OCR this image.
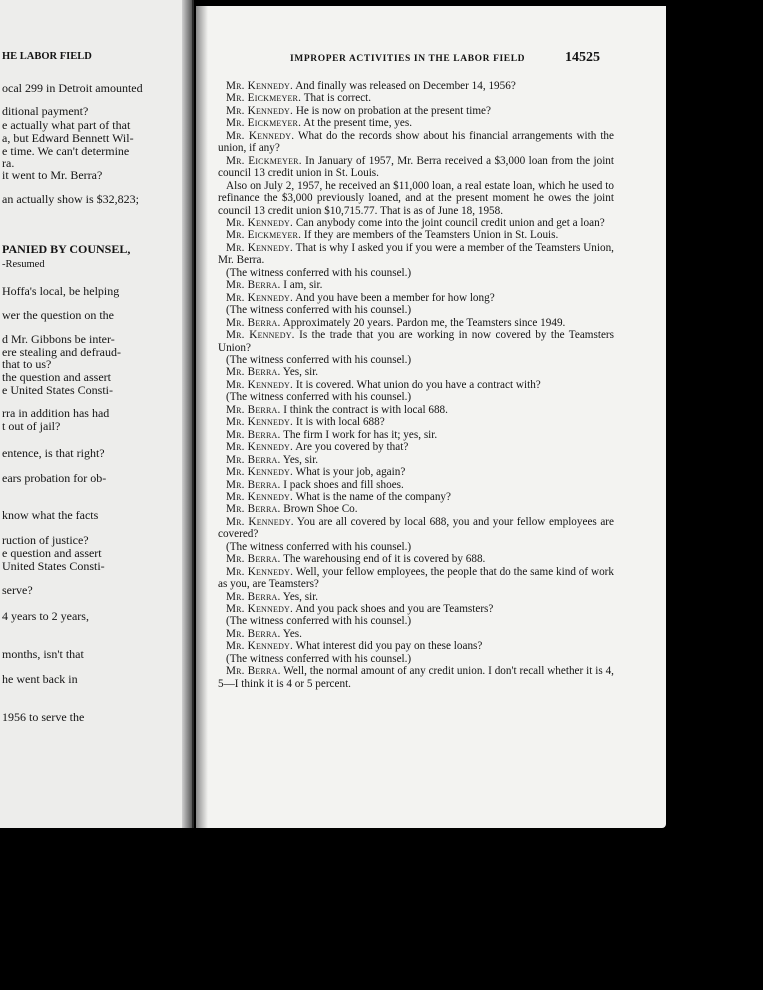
HE LABOR FIELD
ocal 299 in Detroit amounted
ditional payment?
e actually what part of that
a, but Edward Bennett Wil-
e time. We can't determine
ra.
it went to Mr. Berra?
an actually show is $32,823;
PANIED BY COUNSEL,
-Resumed
Hoffa's local, be helping
wer the question on the
d Mr. Gibbons be inter-
ere stealing and defraud-
that to us?
the question and assert
e United States Consti-
rra in addition has had
t out of jail?
entence, is that right?
ears probation for ob-
know what the facts
ruction of justice?
e question and assert
United States Consti-
serve?
4 years to 2 years,
months, isn't that
he went back in
1956 to serve the
IMPROPER ACTIVITIES IN THE LABOR FIELD	14525

Mr. Kennedy. And finally was released on December 14, 1956?

Mr. Eickmeyer. That is correct.

Mr. Kennedy. He is now on probation at the present time?

Mr. Eickmeyer. At the present time, yes.

Mr. Kennedy. What do the records show about his financial arrangements with the union, if any?

Mr. Eickmeyer. In January of 1957, Mr. Berra received a $3,000 loan from the joint council 13 credit union in St. Louis.

Also on July 2, 1957, he received an $11,000 loan, a real estate loan, which he used to refinance the $3,000 previously loaned, and at the present moment he owes the joint council 13 credit union $10,715.77. That is as of June 18, 1958.

Mr. Kennedy. Can anybody come into the joint council credit union and get a loan?

Mr. Eickmeyer. If they are members of the Teamsters Union in St. Louis.

Mr. Kennedy. That is why I asked you if you were a member of the Teamsters Union, Mr. Berra.

(The witness conferred with his counsel.)

Mr. Berra. I am, sir.

Mr. Kennedy. And you have been a member for how long?

(The witness conferred with his counsel.)

Mr. Berra. Approximately 20 years. Pardon me, the Teamsters since 1949.

Mr. Kennedy. Is the trade that you are working in now covered by the Teamsters Union?

(The witness conferred with his counsel.)

Mr. Berra. Yes, sir.

Mr. Kennedy. It is covered. What union do you have a contract with?

(The witness conferred with his counsel.)

Mr. Berra. I think the contract is with local 688.

Mr. Kennedy. It is with local 688?

Mr. Berra. The firm I work for has it; yes, sir.

Mr. Kennedy. Are you covered by that?

Mr. Berra. Yes, sir.

Mr. Kennedy. What is your job, again?

Mr. Berra. I pack shoes and fill shoes.

Mr. Kennedy. What is the name of the company?

Mr. Berra. Brown Shoe Co.

Mr. Kennedy. You are all covered by local 688, you and your fellow employees are covered?

(The witness conferred with his counsel.)

Mr. Berra. The warehousing end of it is covered by 688.

Mr. Kennedy. Well, your fellow employees, the people that do the same kind of work as you, are Teamsters?

Mr. Berra. Yes, sir.

Mr. Kennedy. And you pack shoes and you are Teamsters?

(The witness conferred with his counsel.)

Mr. Berra. Yes.

Mr. Kennedy. What interest did you pay on these loans?

(The witness conferred with his counsel.)

Mr. Berra. Well, the normal amount of any credit union. I don't recall whether it is 4, 5—I think it is 4 or 5 percent.
